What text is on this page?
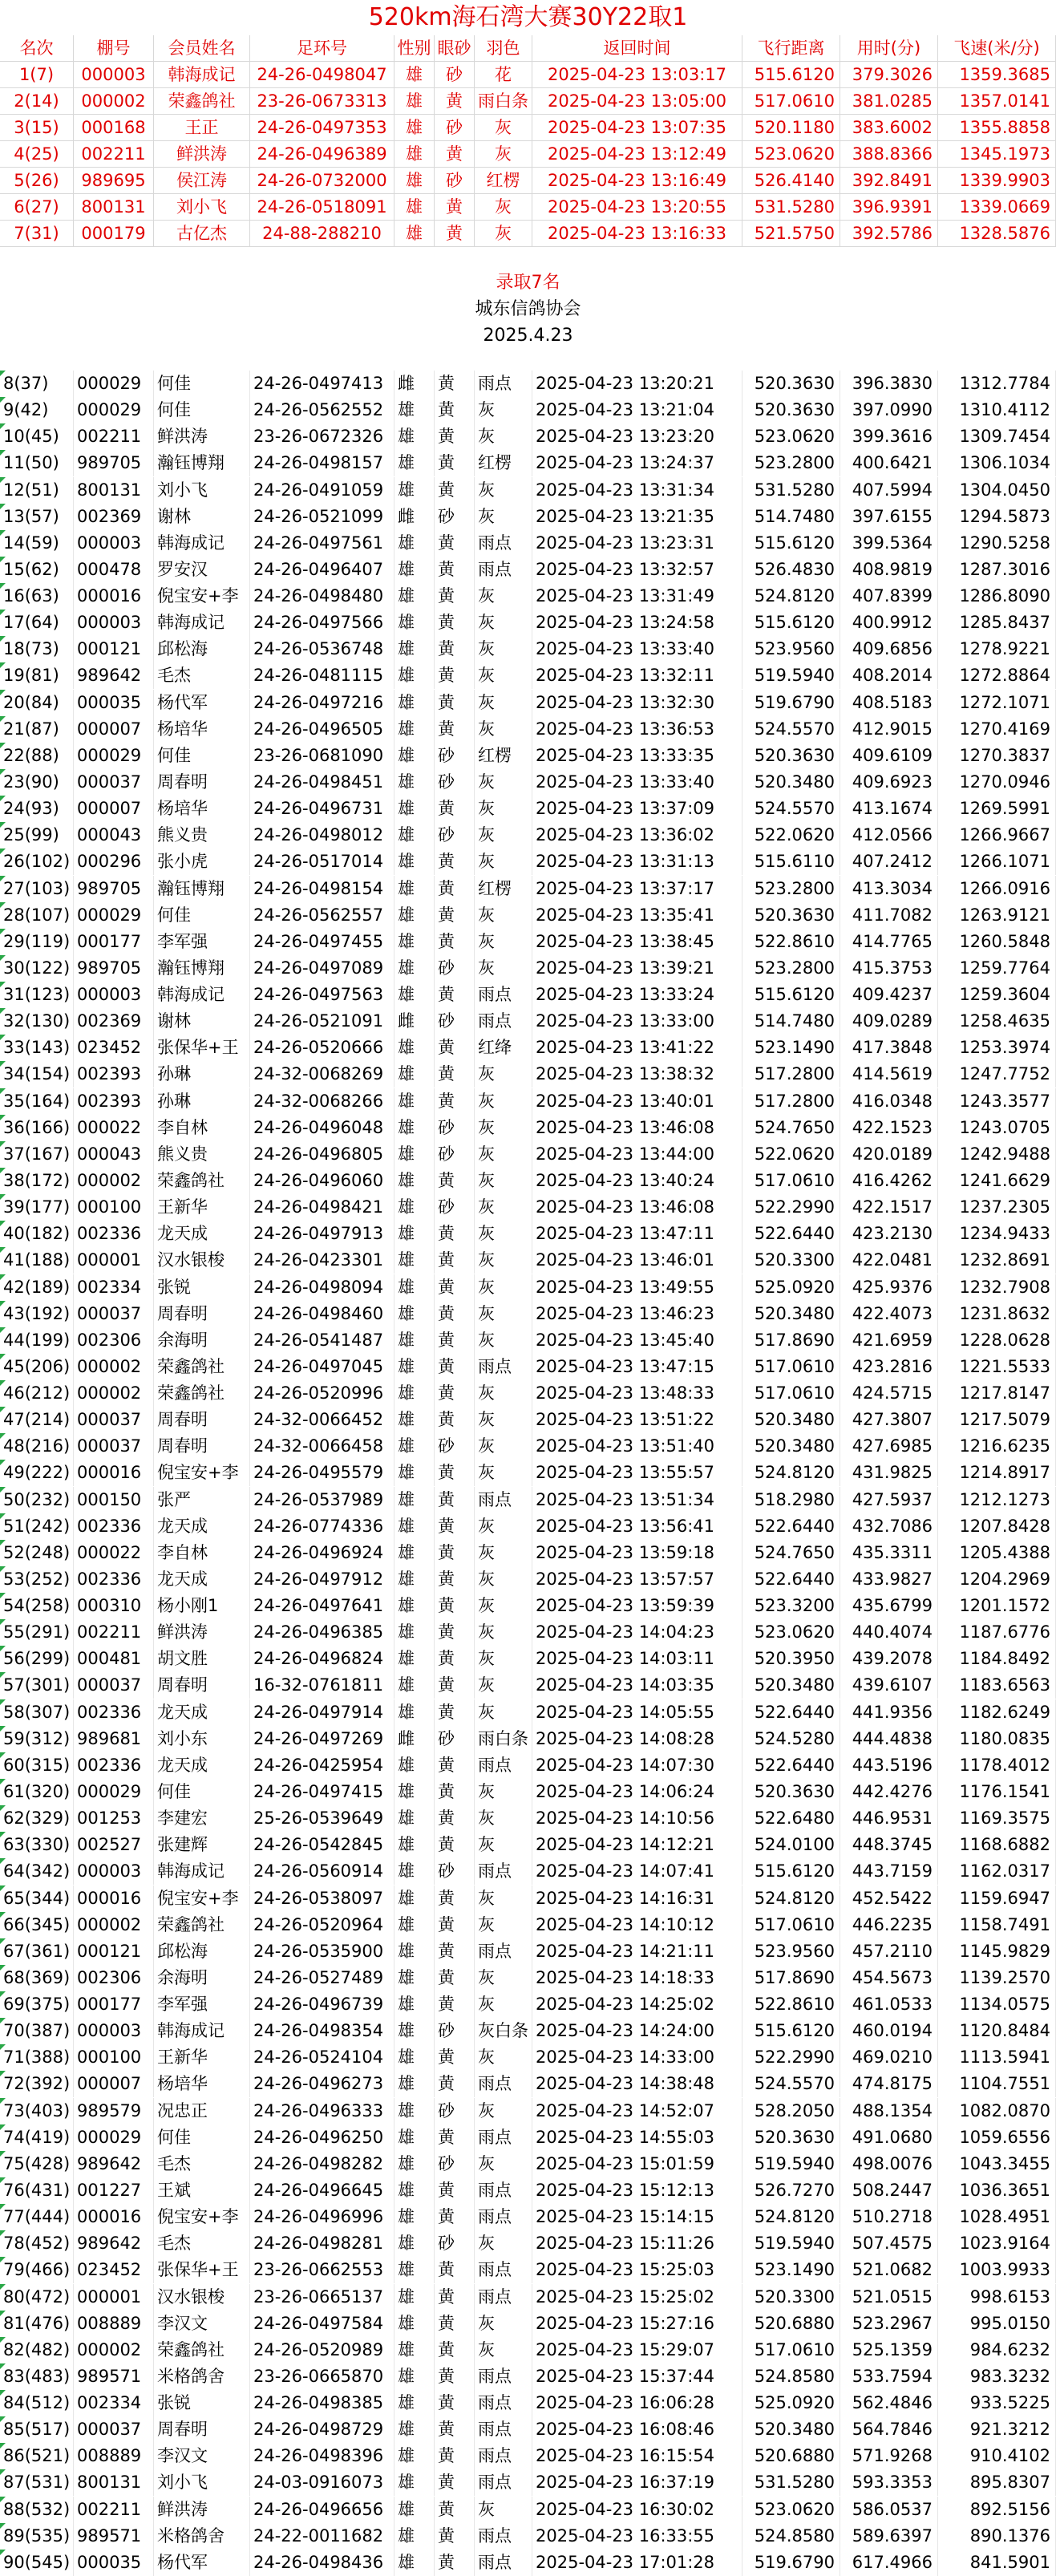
520km海石湾大赛30Y22取1
名次	棚号	会员姓名	足环号	性别 眼砂 羽色	返回时间	飞行距离	用时(分)	飞速(米/分)
1(7)	000003	韩海成记	24-26-0498047	雄	砂	花	2025-04-23 13:03:17	515.6120	379.3026	1359.3685
2(14)	000002	荣鑫鸽社	23-26-0673313	雄	黄 雨白条	2025-04-23 13:05:00	517.0610	381.0285	1357.0141
3(15)	000168	王正	24-26-0497353	雄	砂	灰	2025-04-23 13:07:35	520.1180	383.6002	1355.8858
4(25)	002211	鲜洪涛	24-26-0496389	雄	黄	灰	2025-04-23 13:12:49	523.0620	388.8366	1345.1973
5(26)	989695	侯江涛	24-26-0732000	雄	砂	红楞	2025-04-23 13:16:49	526.4140	392.8491	1339.9903
6(27)	800131	刘小飞	24-26-0518091	雄	黄	灰	2025-04-23 13:20:55	531.5280	396.9391	1339.0669
7(31)	000179	古亿杰	24-88-288210	雄	黄	灰	2025-04-23 13:16:33	521.5750	392.5786	1328.5876
录取7名
城东信鸽协会
2025.4.23
8(37)	000029 何佳	24-26-0497413 雌	黄	雨点	2025-04-23 13:20:21	520.3630	396.3830	1312.7784
9(42)	000029 何佳	24-26-0562552 雄	黄	灰	2025-04-23 13:21:04	520.3630	397.0990	1310.4112
10(45)	002211 鲜洪涛	23-26-0672326 雄	黄	灰	2025-04-23 13:23:20	523.0620	399.3616	1309.7454
11(50)	989705 瀚钰博翔	24-26-0498157 雄	黄	红楞	2025-04-23 13:24:37	523.2800	400.6421	1306.1034
12(51)	800131 刘小飞	24-26-0491059 雄	黄	灰	2025-04-23 13:31:34	531.5280	407.5994	1304.0450
13(57)	002369 谢林	24-26-0521099 雌	砂	灰	2025-04-23 13:21:35	514.7480	397.6155	1294.5873
14(59)	000003 韩海成记	24-26-0497561 雄	黄	雨点	2025-04-23 13:23:31	515.6120	399.5364	1290.5258
15(62)	000478 罗安汉	24-26-0496407 雄	黄	雨点	2025-04-23 13:32:57	526.4830	408.9819	1287.3016
16(63)	000016 倪宝安+李 24-26-0498480 雄	黄	灰	2025-04-23 13:31:49	524.8120	407.8399	1286.8090
17(64)	000003 韩海成记	24-26-0497566 雄	黄	灰	2025-04-23 13:24:58	515.6120	400.9912	1285.8437
18(73)	000121 邱松海	24-26-0536748 雄	黄	灰	2025-04-23 13:33:40	523.9560	409.6856	1278.9221
19(81)	989642 毛杰	24-26-0481115 雄	黄	灰	2025-04-23 13:32:11	519.5940	408.2014	1272.8864
20(84)	000035 杨代军	24-26-0497216 雄	黄	灰	2025-04-23 13:32:30	519.6790	408.5183	1272.1071
21(87)	000007 杨培华	24-26-0496505 雄	黄	灰	2025-04-23 13:36:53	524.5570	412.9015	1270.4169
22(88)	000029 何佳	23-26-0681090 雄	砂	红楞	2025-04-23 13:33:35	520.3630	409.6109	1270.3837
23(90)	000037 周春明	24-26-0498451 雄	砂	灰	2025-04-23 13:33:40	520.3480	409.6923	1270.0946
24(93)	000007 杨培华	24-26-0496731 雄	黄	灰	2025-04-23 13:37:09	524.5570	413.1674	1269.5991
25(99)	000043 熊义贵	24-26-0498012 雄	砂	灰	2025-04-23 13:36:02	522.0620	412.0566	1266.9667
26(102) 000296 张小虎	24-26-0517014 雄	黄	灰	2025-04-23 13:31:13	515.6110	407.2412	1266.1071
27(103) 989705 瀚钰博翔	24-26-0498154 雄	黄	红楞	2025-04-23 13:37:17	523.2800	413.3034	1266.0916
28(107) 000029 何佳	24-26-0562557 雄	黄	灰	2025-04-23 13:35:41	520.3630	411.7082	1263.9121
29(119) 000177 李军强	24-26-0497455 雄	黄	灰	2025-04-23 13:38:45	522.8610	414.7765	1260.5848
30(122) 989705 瀚钰博翔	24-26-0497089 雄	砂	灰	2025-04-23 13:39:21	523.2800	415.3753	1259.7764
31(123) 000003 韩海成记	24-26-0497563 雄	黄	雨点	2025-04-23 13:33:24	515.6120	409.4237	1259.3604
32(130) 002369 谢林	24-26-0521091 雌	砂	雨点	2025-04-23 13:33:00	514.7480	409.0289	1258.4635
33(143) 023452 张保华+王 24-26-0520666 雄	黄	红绛	2025-04-23 13:41:22	523.1490	417.3848	1253.3974
34(154) 002393 孙琳	24-32-0068269 雄	黄	灰	2025-04-23 13:38:32	517.2800	414.5619	1247.7752
35(164) 002393 孙琳	24-32-0068266 雄	黄	灰	2025-04-23 13:40:01	517.2800	416.0348	1243.3577
36(166) 000022 李自林	24-26-0496048 雄	砂	灰	2025-04-23 13:46:08	524.7650	422.1523	1243.0705
37(167) 000043 熊义贵	24-26-0496805 雄	砂	灰	2025-04-23 13:44:00	522.0620	420.0189	1242.9488
38(172) 000002 荣鑫鸽社	24-26-0496060 雄	黄	灰	2025-04-23 13:40:24	517.0610	416.4262	1241.6629
39(177) 000100 王新华	24-26-0498421 雄	砂	灰	2025-04-23 13:46:08	522.2990	422.1517	1237.2305
40(182) 002336 龙天成	24-26-0497913 雄	黄	灰	2025-04-23 13:47:11	522.6440	423.2130	1234.9433
41(188) 000001 汉水银梭	24-26-0423301 雄	黄	灰	2025-04-23 13:46:01	520.3300	422.0481	1232.8691
42(189) 002334 张锐	24-26-0498094 雄	黄	灰	2025-04-23 13:49:55	525.0920	425.9376	1232.7908
43(192) 000037 周春明	24-26-0498460 雄	黄	灰	2025-04-23 13:46:23	520.3480	422.4073	1231.8632
44(199) 002306 余海明	24-26-0541487 雄	黄	灰	2025-04-23 13:45:40	517.8690	421.6959	1228.0628
45(206) 000002 荣鑫鸽社	24-26-0497045 雄	黄	雨点	2025-04-23 13:47:15	517.0610	423.2816	1221.5533
46(212) 000002 荣鑫鸽社	24-26-0520996 雄	黄	灰	2025-04-23 13:48:33	517.0610	424.5715	1217.8147
47(214) 000037 周春明	24-32-0066452 雄	黄	灰	2025-04-23 13:51:22	520.3480	427.3807	1217.5079
48(216) 000037 周春明	24-32-0066458 雄	砂	灰	2025-04-23 13:51:40	520.3480	427.6985	1216.6235
49(222) 000016 倪宝安+李 24-26-0495579 雄	黄	灰	2025-04-23 13:55:57	524.8120	431.9825	1214.8917
50(232) 000150 张严	24-26-0537989 雄	黄	雨点	2025-04-23 13:51:34	518.2980	427.5937	1212.1273
51(242) 002336 龙天成	24-26-0774336 雄	黄	灰	2025-04-23 13:56:41	522.6440	432.7086	1207.8428
52(248) 000022 李自林	24-26-0496924 雄	黄	灰	2025-04-23 13:59:18	524.7650	435.3311	1205.4388
53(252) 002336 龙天成	24-26-0497912 雄	黄	灰	2025-04-23 13:57:57	522.6440	433.9827	1204.2969
54(258) 000310 杨小刚1	24-26-0497641 雄	黄	灰	2025-04-23 13:59:39	523.3200	435.6799	1201.1572
55(291) 002211 鲜洪涛	24-26-0496385 雄	黄	灰	2025-04-23 14:04:23	523.0620	440.4074	1187.6776
56(299) 000481 胡文胜	24-26-0496824 雄	黄	灰	2025-04-23 14:03:11	520.3950	439.2078	1184.8492
57(301) 000037 周春明	16-32-0761811 雄	黄	灰	2025-04-23 14:03:35	520.3480	439.6107	1183.6563
58(307) 002336 龙天成	24-26-0497914 雄	黄	灰	2025-04-23 14:05:55	522.6440	441.9356	1182.6249
59(312) 989681 刘小东	24-26-0497269 雌	砂	雨白条 2025-04-23 14:08:28	524.5280	444.4838	1180.0835
60(315) 002336 龙天成	24-26-0425954 雄	黄	雨点	2025-04-23 14:07:30	522.6440	443.5196	1178.4012
61(320) 000029 何佳	24-26-0497415 雄	黄	灰	2025-04-23 14:06:24	520.3630	442.4276	1176.1541
62(329) 001253 李建宏	25-26-0539649 雄	黄	灰	2025-04-23 14:10:56	522.6480	446.9531	1169.3575
63(330) 002527 张建辉	24-26-0542845 雄	黄	灰	2025-04-23 14:12:21	524.0100	448.3745	1168.6882
64(342) 000003 韩海成记	24-26-0560914 雄	砂	雨点	2025-04-23 14:07:41	515.6120	443.7159	1162.0317
65(344) 000016 倪宝安+李 24-26-0538097 雄	黄	灰	2025-04-23 14:16:31	524.8120	452.5422	1159.6947
66(345) 000002 荣鑫鸽社	24-26-0520964 雄	黄	灰	2025-04-23 14:10:12	517.0610	446.2235	1158.7491
67(361) 000121 邱松海	24-26-0535900 雄	黄	雨点	2025-04-23 14:21:11	523.9560	457.2110	1145.9829
68(369) 002306 余海明	24-26-0527489 雄	黄	灰	2025-04-23 14:18:33	517.8690	454.5673	1139.2570
69(375) 000177 李军强	24-26-0496739 雄	黄	灰	2025-04-23 14:25:02	522.8610	461.0533	1134.0575
70(387) 000003 韩海成记	24-26-0498354 雄	砂	灰白条 2025-04-23 14:24:00	515.6120	460.0194	1120.8484
71(388) 000100 王新华	24-26-0524104 雄	黄	灰	2025-04-23 14:33:00	522.2990	469.0210	1113.5941
72(392) 000007 杨培华	24-26-0496273 雄	黄	雨点	2025-04-23 14:38:48	524.5570	474.8175	1104.7551
73(403) 989579 况忠正	24-26-0496333 雄	砂	灰	2025-04-23 14:52:07	528.2050	488.1354	1082.0870
74(419) 000029 何佳	24-26-0496250 雄	黄	雨点	2025-04-23 14:55:03	520.3630	491.0680	1059.6556
75(428) 989642 毛杰	24-26-0498282 雄	砂	灰	2025-04-23 15:01:59	519.5940	498.0076	1043.3455
76(431) 001227 王斌	24-26-0496645 雄	黄	雨点	2025-04-23 15:12:13	526.7270	508.2447	1036.3651
77(444) 000016 倪宝安+李 24-26-0496996 雄	黄	雨点	2025-04-23 15:14:15	524.8120	510.2718	1028.4951
78(452) 989642 毛杰	24-26-0498281 雄	砂	灰	2025-04-23 15:11:26	519.5940	507.4575	1023.9164
79(466) 023452 张保华+王 23-26-0662553 雄	黄	雨点	2025-04-23 15:25:03	523.1490	521.0682	1003.9933
80(472) 000001 汉水银梭	23-26-0665137 雄	黄	雨点	2025-04-23 15:25:02	520.3300	521.0515	998.6153
81(476) 008889 李汉文	24-26-0497584 雄	黄	灰	2025-04-23 15:27:16	520.6880	523.2967	995.0150
82(482) 000002 荣鑫鸽社	24-26-0520989 雄	黄	灰	2025-04-23 15:29:07	517.0610	525.1359	984.6232
83(483) 989571 米格鸽舍	23-26-0665870 雄	黄	雨点	2025-04-23 15:37:44	524.8580	533.7594	983.3232
84(512) 002334 张锐	24-26-0498385 雄	黄	雨点	2025-04-23 16:06:28	525.0920	562.4846	933.5225
85(517) 000037 周春明	24-26-0498729 雄	黄	雨点	2025-04-23 16:08:46	520.3480	564.7846	921.3212
86(521) 008889 李汉文	24-26-0498396 雄	黄	雨点	2025-04-23 16:15:54	520.6880	571.9268	910.4102
87(531) 800131 刘小飞	24-03-0916073 雄	黄	雨点	2025-04-23 16:37:19	531.5280	593.3353	895.8307
88(532) 002211 鲜洪涛	24-26-0496656 雄	黄	灰	2025-04-23 16:30:02	523.0620	586.0537	892.5156
89(535) 989571 米格鸽舍	24-22-0011682 雄	黄	雨点	2025-04-23 16:33:55	524.8580	589.6397	890.1376
90(545) 000035 杨代军	24-26-0498436 雄	黄	雨点	2025-04-23 17:01:28	519.6790	617.4966	841.5901
